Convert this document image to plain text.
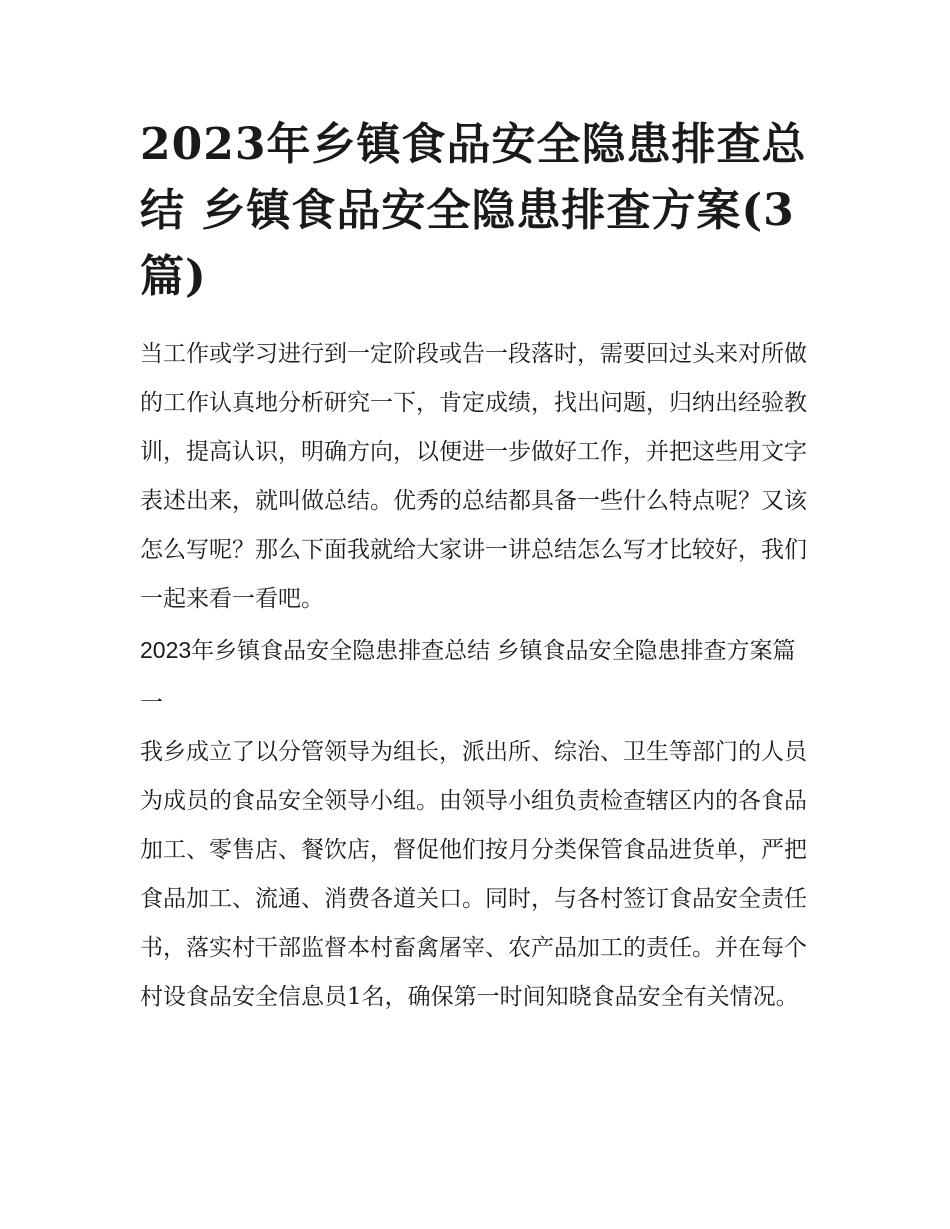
2023年乡镇食品安全隐患排查总结 乡镇食品安全隐患排查方案(3篇)

当工作或学习进行到一定阶段或告一段落时，需要回过头来对所做的工作认真地分析研究一下，肯定成绩，找出问题，归纳出经验教训，提高认识，明确方向，以便进一步做好工作，并把这些用文字表述出来，就叫做总结。优秀的总结都具备一些什么特点呢？又该怎么写呢？那么下面我就给大家讲一讲总结怎么写才比较好，我们一起来看一看吧。

2023年乡镇食品安全隐患排查总结 乡镇食品安全隐患排查方案篇一

我乡成立了以分管领导为组长，派出所、综治、卫生等部门的人员为成员的食品安全领导小组。由领导小组负责检查辖区内的各食品加工、零售店、餐饮店，督促他们按月分类保管食品进货单，严把食品加工、流通、消费各道关口。同时，与各村签订食品安全责任书，落实村干部监督本村畜禽屠宰、农产品加工的责任。并在每个村设食品安全信息员1名，确保第一时间知晓食品安全有关情况。
